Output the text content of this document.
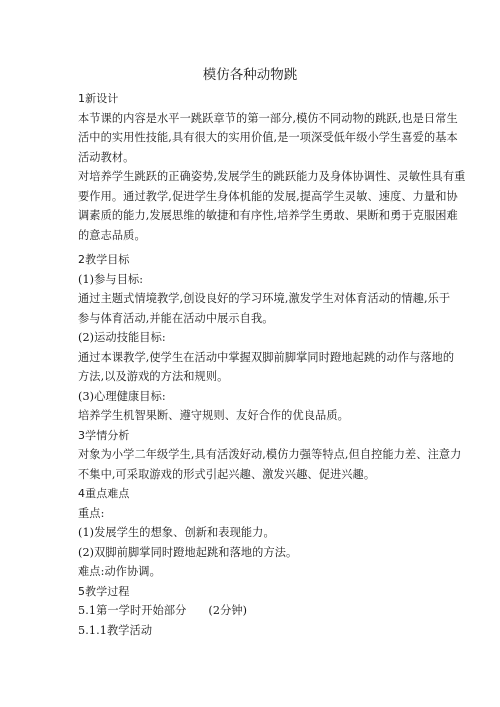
模仿各种动物跳
1新设计
本节课的内容是水平一跳跃章节的第一部分,模仿不同动物的跳跃,也是日常生
活中的实用性技能,具有很大的实用价值,是一项深受低年级小学生喜爱的基本
活动教材。
对培养学生跳跃的正确姿势,发展学生的跳跃能力及身体协调性、灵敏性具有重
要作用。通过教学,促进学生身体机能的发展,提高学生灵敏、速度、力量和协
调素质的能力,发展思维的敏捷和有序性,培养学生勇敢、果断和勇于克服困难
的意志品质。
2教学目标
(1)参与目标:
通过主题式情境教学,创设良好的学习环境,激发学生对体育活动的情趣,乐于
参与体育活动,并能在活动中展示自我。
(2)运动技能目标:
通过本课教学,使学生在活动中掌握双脚前脚掌同时蹬地起跳的动作与落地的
方法,以及游戏的方法和规则。
(3)心理健康目标:
培养学生机智果断、遵守规则、友好合作的优良品质。
3学情分析
对象为小学二年级学生,具有活泼好动,模仿力强等特点,但自控能力差、注意力
不集中,可采取游戏的形式引起兴趣、激发兴趣、促进兴趣。
4重点难点
重点:
(1)发展学生的想象、创新和表现能力。
(2)双脚前脚掌同时蹬地起跳和落地的方法。
难点:动作协调。
5教学过程
5.1第一学时开始部分 (2分钟)
5.1.1教学活动
